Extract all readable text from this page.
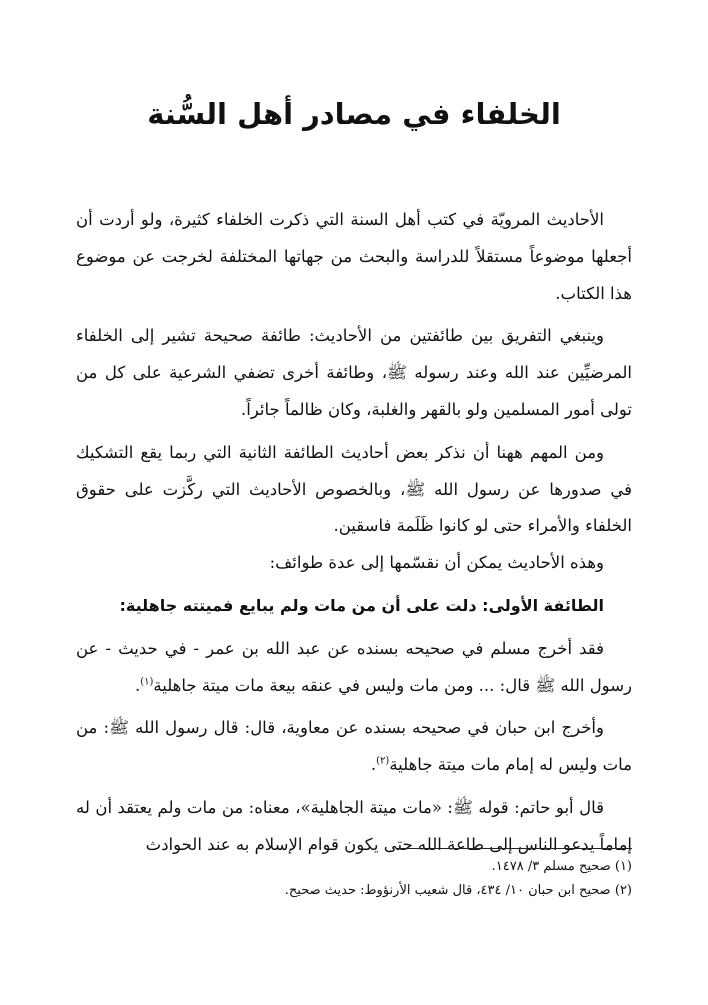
الخلفاء في مصادر أهل السُّنة

الأحاديث المرويّة في كتب أهل السنة التي ذكرت الخلفاء كثيرة، ولو أردت أن أجعلها موضوعاً مستقلاً للدراسة والبحث من جهاتها المختلفة لخرجت عن موضوع هذا الكتاب.

وينبغي التفريق بين طائفتين من الأحاديث: طائفة صحيحة تشير إلى الخلفاء المرضيِّين عند الله وعند رسوله ﷺ، وطائفة أخرى تضفي الشرعية على كل من تولى أمور المسلمين ولو بالقهر والغلبة، وكان ظالماً جائراً.

ومن المهم ههنا أن نذكر بعض أحاديث الطائفة الثانية التي ربما يقع التشكيك في صدورها عن رسول الله ﷺ، وبالخصوص الأحاديث التي ركَّزت على حقوق الخلفاء والأمراء حتى لو كانوا ظَلَمة فاسقين.

وهذه الأحاديث يمكن أن نقسّمها إلى عدة طوائف:

الطائفة الأولى: دلت على أن من مات ولم يبايع فميتته جاهلية:

فقد أخرج مسلم في صحيحه بسنده عن عبد الله بن عمر - في حديث - عن رسول الله ﷺ قال: ... ومن مات وليس في عنقه بيعة مات ميتة جاهلية$^{(١)}$.

وأخرج ابن حبان في صحيحه بسنده عن معاوية، قال: قال رسول الله ﷺ: من مات وليس له إمام مات ميتة جاهلية$^{(٢)}$.

قال أبو حاتم: قوله ﷺ: «مات ميتة الجاهلية»، معناه: من مات ولم يعتقد أن له إماماً يدعو الناس إلى طاعة الله حتى يكون قوام الإسلام به عند الحوادث

(١) صحيح مسلم ٣/ ١٤٧٨.

(٢) صحيح ابن حبان ١٠/ ٤٣٤، قال شعيب الأرنؤوط: حديث صحيح.
